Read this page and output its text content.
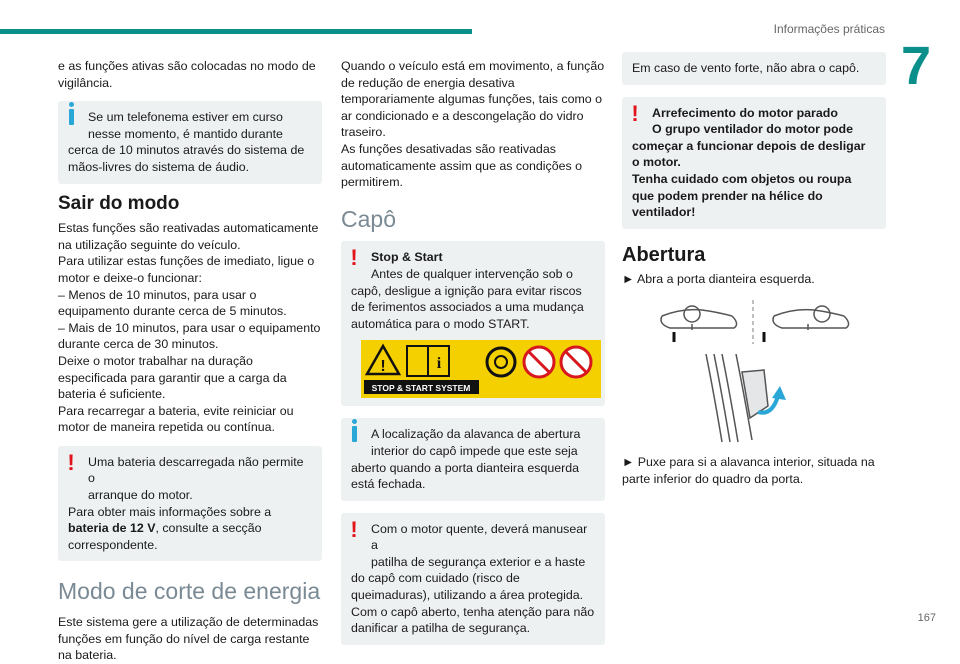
Informações práticas
7
167

e as funções ativas são colocadas no modo de vigilância.

Se um telefonema estiver em curso

nesse momento, é mantido durante

cerca de 10 minutos através do sistema de mãos-livres do sistema de áudio.

Sair do modo

Estas funções são reativadas automaticamente na utilização seguinte do veículo.

Para utilizar estas funções de imediato, ligue o motor e deixe-o funcionar:

– Menos de 10 minutos, para usar o equipamento durante cerca de 5 minutos.

– Mais de 10 minutos, para usar o equipamento durante cerca de 30 minutos.

Deixe o motor trabalhar na duração especificada para garantir que a carga da bateria é suficiente.

Para recarregar a bateria, evite reiniciar ou motor de maneira repetida ou contínua.

! Uma bateria descarregada não permite o

arranque do motor.

Para obter mais informações sobre a bateria de 12 V, consulte a secção correspondente.

Modo de corte de energia

Este sistema gere a utilização de determinadas funções em função do nível de carga restante na bateria.

Quando o veículo está em movimento, a função de redução de energia desativa temporariamente algumas funções, tais como o ar condicionado e a descongelação do vidro traseiro.

As funções desativadas são reativadas automaticamente assim que as condições o permitirem.

Capô
! Stop & Start

Antes de qualquer intervenção sob o

capô, desligue a ignição para evitar riscos de ferimentos associados a uma mudança automática para o modo START.

!	i
STOP & START SYSTEM

A localização da alavanca de abertura

interior do capô impede que este seja

aberto quando a porta dianteira esquerda está fechada.

! Com o motor quente, deverá manusear a

patilha de segurança exterior e a haste

do capô com cuidado (risco de queimaduras), utilizando a área protegida.

Com o capô aberto, tenha atenção para não danificar a patilha de segurança.

Em caso de vento forte, não abra o capô.

! Arrefecimento do motor parado

O grupo ventilador do motor pode

começar a funcionar depois de desligar o motor.

Tenha cuidado com objetos ou roupa que podem prender na hélice do ventilador!

Abertura

► Abra a porta dianteira esquerda.

► Puxe para si a alavanca interior, situada na parte inferior do quadro da porta.
